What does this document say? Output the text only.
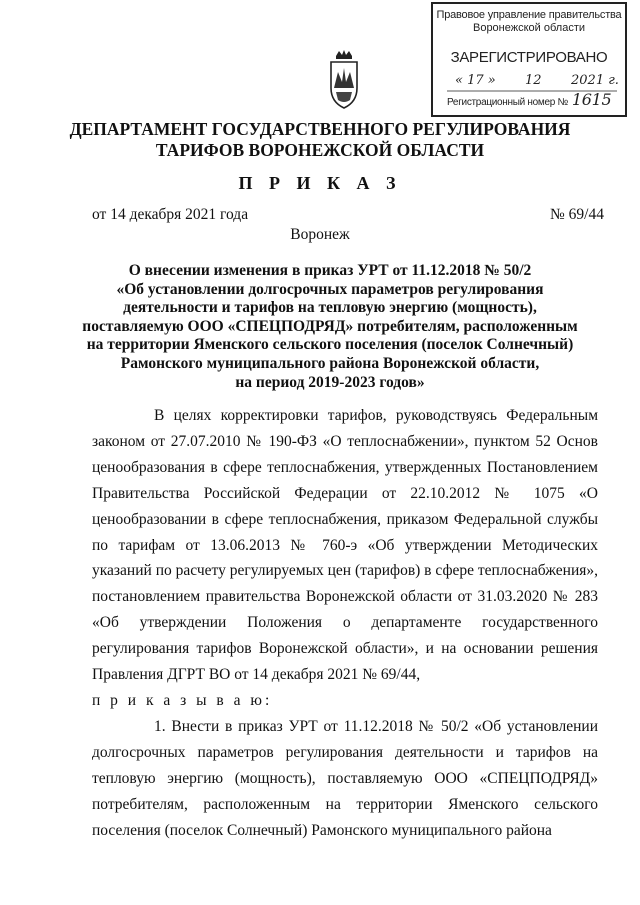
Правовое управление правительства
Воронежской области
ЗАРЕГИСТРИРОВАНО
« 17 » 12 2021 г.
Регистрационный номер № 1615
ДЕПАРТАМЕНТ ГОСУДАРСТВЕННОГО РЕГУЛИРОВАНИЯ
ТАРИФОВ ВОРОНЕЖСКОЙ ОБЛАСТИ
П Р И К А З
от 14 декабря 2021 года	№ 69/44
Воронеж
О внесении изменения в приказ УРТ от 11.12.2018 № 50/2
«Об установлении долгосрочных параметров регулирования
деятельности и тарифов на тепловую энергию (мощность),
поставляемую ООО «СПЕЦПОДРЯД» потребителям, расположенным
на территории Яменского сельского поселения (поселок Солнечный)
Рамонского муниципального района Воронежской области,
на период 2019-2023 годов»

В целях корректировки тарифов, руководствуясь Федеральным законом от 27.07.2010 № 190-ФЗ «О теплоснабжении», пунктом 52 Основ ценообразования в сфере теплоснабжения, утвержденных Постановлением Правительства Российской Федерации от 22.10.2012 № 1075 «О ценообразовании в сфере теплоснабжения, приказом Федеральной службы по тарифам от 13.06.2013 № 760-э «Об утверждении Методических указаний по расчету регулируемых цен (тарифов) в сфере теплоснабжения», постановлением правительства Воронежской области от 31.03.2020 № 283 «Об утверждении Положения о департаменте государственного регулирования тарифов Воронежской области», и на основании решения Правления ДГРТ ВО от 14 декабря 2021 № 69/44,

п р и к а з ы в а ю:

1. Внести в приказ УРТ от 11.12.2018 № 50/2 «Об установлении долгосрочных параметров регулирования деятельности и тарифов на тепловую энергию (мощность), поставляемую ООО «СПЕЦПОДРЯД» потребителям, расположенным на территории Яменского сельского поселения (поселок Солнечный) Рамонского муниципального района
